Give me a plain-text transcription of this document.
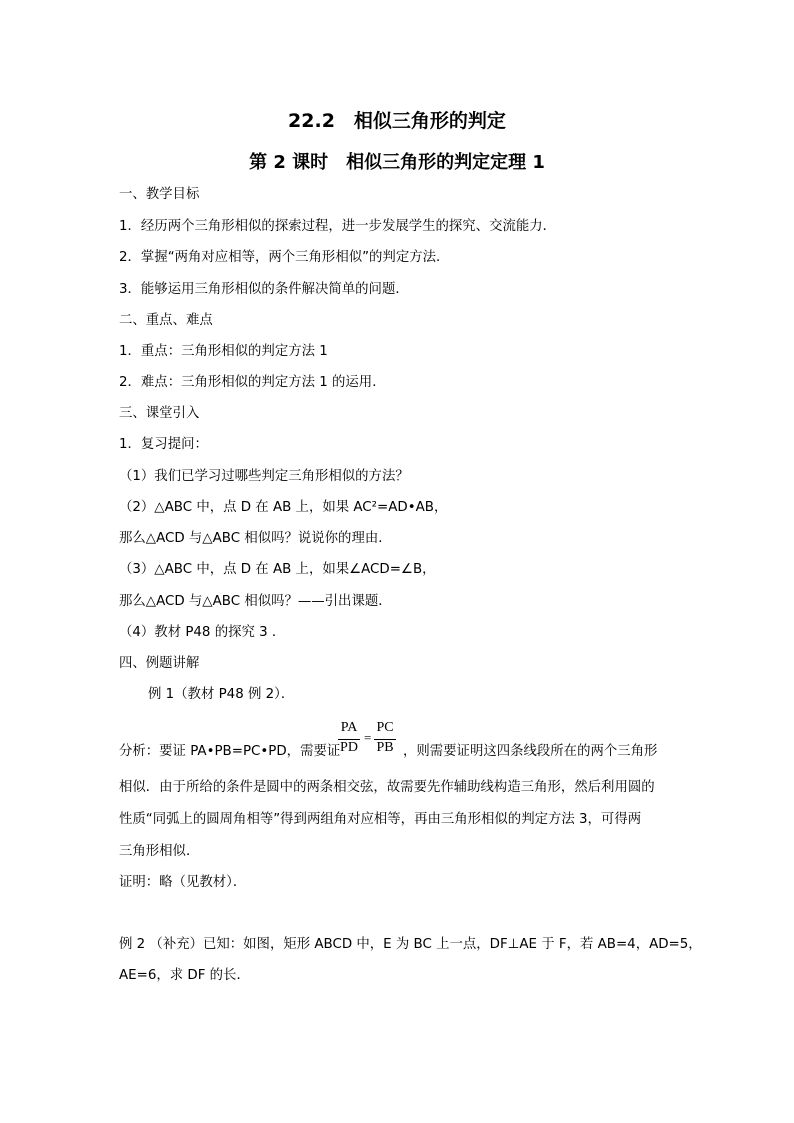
22.2　相似三角形的判定
第 2 课时　相似三角形的判定定理 1
一、教学目标
1．经历两个三角形相似的探索过程，进一步发展学生的探究、交流能力．
2．掌握“两角对应相等，两个三角形相似”的判定方法．
3．能够运用三角形相似的条件解决简单的问题．
二、重点、难点
1．重点：三角形相似的判定方法 1
2．难点：三角形相似的判定方法 1 的运用．
三、课堂引入
1．复习提问：
（1）我们已学习过哪些判定三角形相似的方法？
（2）△ABC 中，点 D 在 AB 上，如果 AC²=AD•AB，
那么△ACD 与△ABC 相似吗？说说你的理由．
（3）△ABC 中，点 D 在 AB 上，如果∠ACD=∠B，
那么△ACD 与△ABC 相似吗？——引出课题．
（4）教材 P48 的探究 3 ．
四、例题讲解
例 1（教材 P48 例 2）．
分析：要证 PA•PB=PC•PD，需要证
PA
PD
=
PC
PB ，则需要证明这四条线段所在的两个三角形
相似．由于所给的条件是圆中的两条相交弦，故需要先作辅助线构造三角形，然后利用圆的
性质“同弧上的圆周角相等”得到两组角对应相等，再由三角形相似的判定方法 3，可得两
三角形相似．
证明：略（见教材）．
例 2 （补充）已知：如图，矩形 ABCD 中，E 为 BC 上一点，DF⊥AE 于 F，若 AB=4，AD=5，
AE=6，求 DF 的长．
